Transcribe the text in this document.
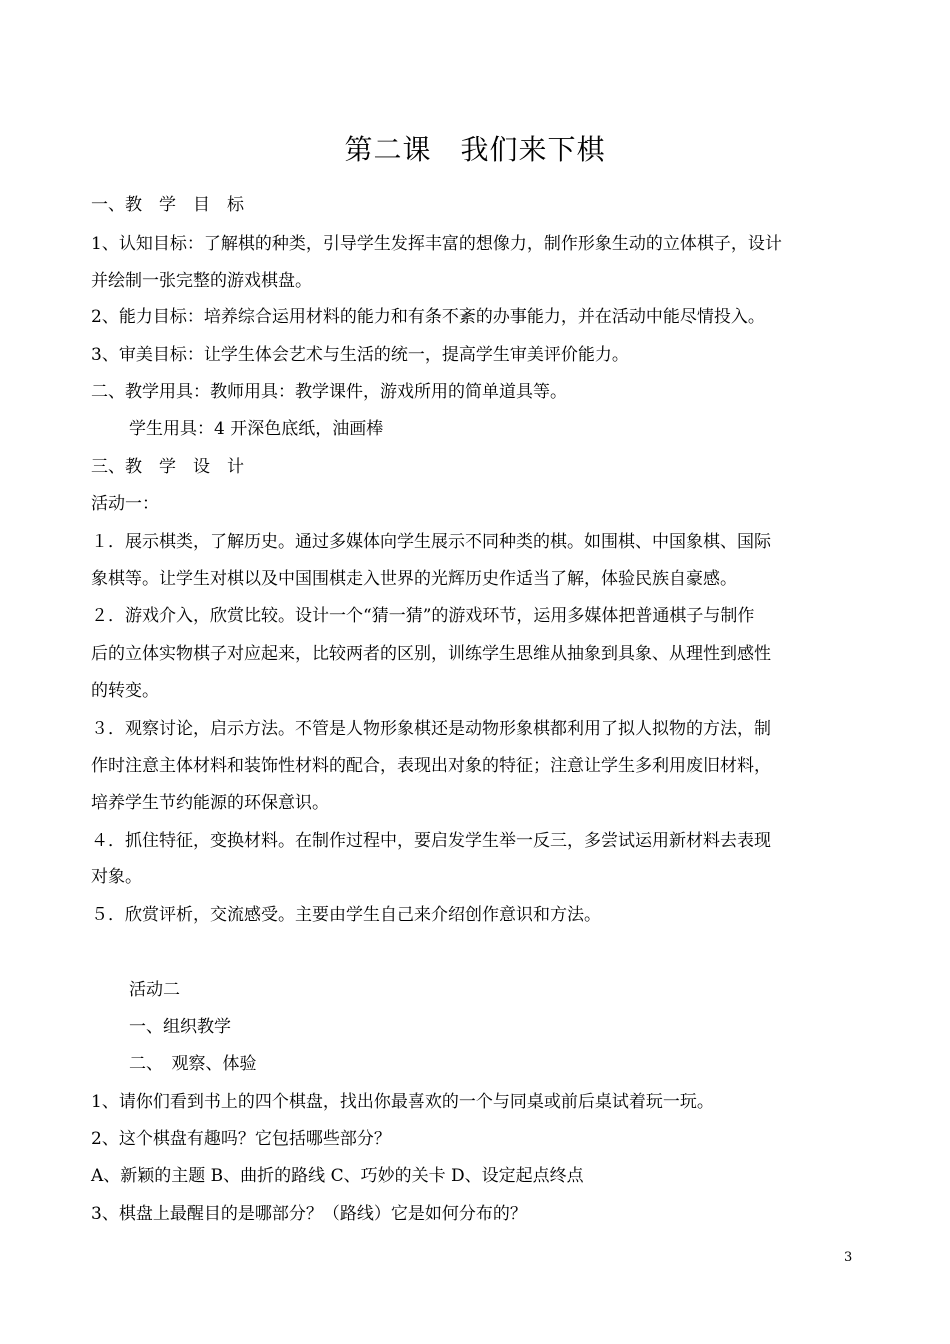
第二课　我们来下棋
一、教　学　目　标
1、认知目标：了解棋的种类，引导学生发挥丰富的想像力，制作形象生动的立体棋子，设计
并绘制一张完整的游戏棋盘。
2、能力目标：培养综合运用材料的能力和有条不紊的办事能力，并在活动中能尽情投入。
3、审美目标：让学生体会艺术与生活的统一，提高学生审美评价能力。
二、教学用具：教师用具：教学课件，游戏所用的简单道具等。
学生用具：4 开深色底纸，油画棒
三、教　学　设　计
活动一：
１．展示棋类，了解历史。通过多媒体向学生展示不同种类的棋。如围棋、中国象棋、国际
象棋等。让学生对棋以及中国围棋走入世界的光辉历史作适当了解，体验民族自豪感。
２．游戏介入，欣赏比较。设计一个“猜一猜”的游戏环节，运用多媒体把普通棋子与制作
后的立体实物棋子对应起来，比较两者的区别，训练学生思维从抽象到具象、从理性到感性
的转变。
３．观察讨论，启示方法。不管是人物形象棋还是动物形象棋都利用了拟人拟物的方法，制
作时注意主体材料和装饰性材料的配合，表现出对象的特征；注意让学生多利用废旧材料，
培养学生节约能源的环保意识。
４．抓住特征，变换材料。在制作过程中，要启发学生举一反三，多尝试运用新材料去表现
对象。
５．欣赏评析，交流感受。主要由学生自己来介绍创作意识和方法。
活动二
一、组织教学
二、　观察、体验
1、请你们看到书上的四个棋盘，找出你最喜欢的一个与同桌或前后桌试着玩一玩。
2、这个棋盘有趣吗？它包括哪些部分？
A、新颖的主题 B、曲折的路线 C、巧妙的关卡 D、设定起点终点
3、棋盘上最醒目的是哪部分？（路线）它是如何分布的？
3
